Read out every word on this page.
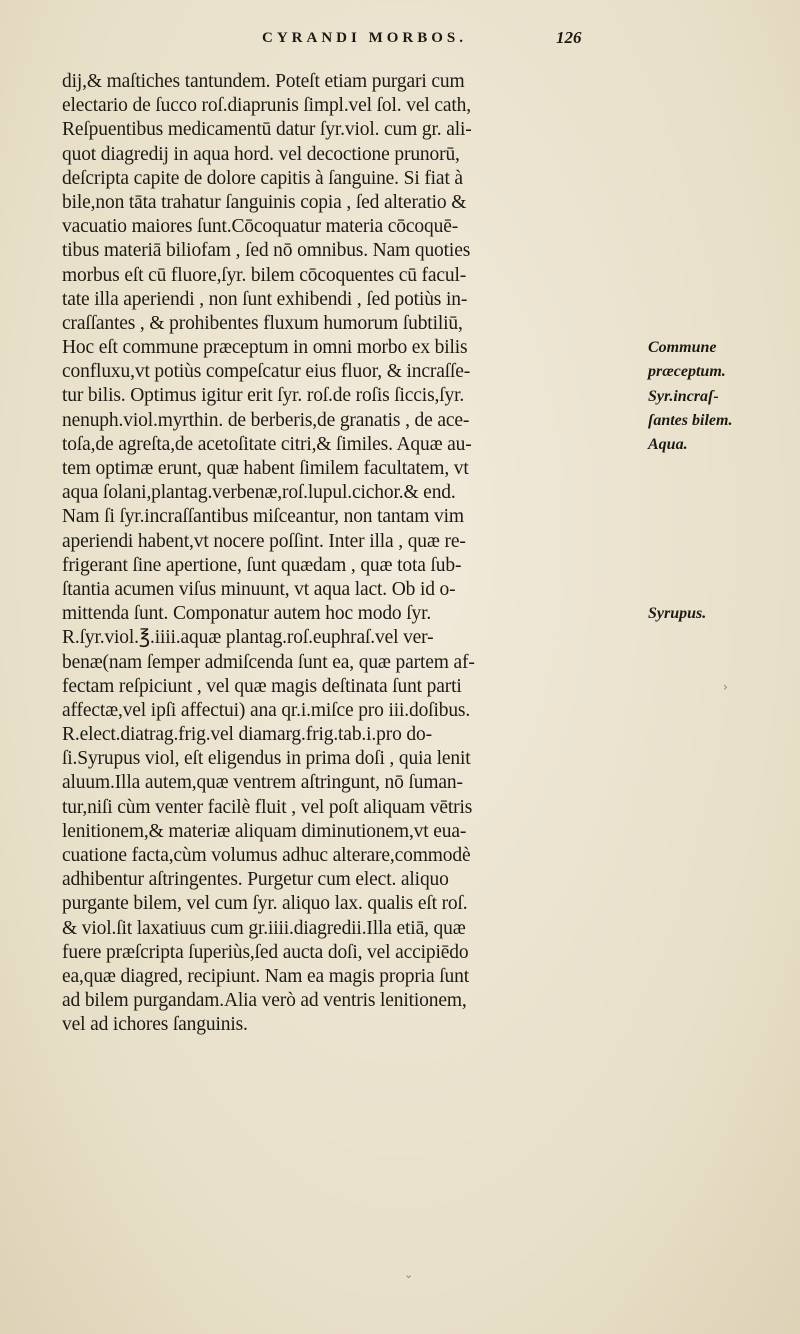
CYRANDI MORBOS.	126
dij,& maſtiches tantundem. Poteſt etiam purgari cum
electario de ſucco roſ.diaprunis ſimpl.vel ſol. vel cath,
Reſpuentibus medicamentū datur ſyr.viol. cum gr. ali-
quot diagredij in aqua hord. vel decoctione prunorū,
deſcripta capite de dolore capitis à ſanguine. Si fiat à
bile,non tāta trahatur ſanguinis copia , ſed alteratio &
vacuatio maiores ſunt.Cōcoquatur materia cōcoquē-
tibus materiā biliofam , ſed nō omnibus. Nam quoties
morbus eſt cū fluore,ſyr. bilem cōcoquentes cū facul-
tate illa aperiendi , non ſunt exhibendi , ſed potiùs in-
craſſantes , & prohibentes fluxum humorum ſubtiliū,
Hoc eſt commune præceptum in omni morbo ex bilis
confluxu,vt potiùs compeſcatur eius fluor, & incraſſe-
tur bilis. Optimus igitur erit ſyr. roſ.de roſis ſiccis,ſyr.
nenuph.viol.myrthin. de berberis,de granatis , de ace-
toſa,de agreſta,de acetoſitate citri,& ſimiles. Aquæ au-
tem optimæ erunt, quæ habent ſimilem facultatem, vt
aqua ſolani,plantag.verbenæ,roſ.lupul.cichor.& end.
Nam ſi ſyr.incraſſantibus miſceantur, non tantam vim
aperiendi habent,vt nocere poſſint. Inter illa , quæ re-
frigerant ſine apertione, ſunt quædam , quæ tota ſub-
ſtantia acumen viſus minuunt, vt aqua lact. Ob id o-
mittenda ſunt. Componatur autem hoc modo ſyr.
R.ſyr.viol.℥.iiii.aquæ plantag.roſ.euphraſ.vel ver-
benæ(nam ſemper admiſcenda ſunt ea, quæ partem af-
fectam reſpiciunt , vel quæ magis deſtinata ſunt parti
affectæ,vel ipſi affectui) ana qr.i.miſce pro iii.doſibus.
R.elect.diatrag.frig.vel diamarg.frig.tab.i.pro do-
ſi.Syrupus viol, eſt eligendus in prima doſi , quia lenit
aluum.Illa autem,quæ ventrem aſtringunt, nō ſuman-
tur,niſi cùm venter facilè fluit , vel poſt aliquam vētris
lenitionem,& materiæ aliquam diminutionem,vt eua-
cuatione facta,cùm volumus adhuc alterare,commodè
adhibentur aſtringentes. Purgetur cum elect. aliquo
purgante bilem, vel cum ſyr. aliquo lax. qualis eſt roſ.
& viol.ſit laxatiuus cum gr.iiii.diagredii.Illa etiā, quæ
fuere præſcripta ſuperiùs,ſed aucta doſi, vel accipiēdo
ea,quæ diagred, recipiunt. Nam ea magis propria ſunt
ad bilem purgandam.Alia verò ad ventris lenitionem,
vel ad ichores ſanguinis.
Commune
præceptum.
Syr.incraſ-
ſantes bilem.
Aqua.
Syrupus.
›
⌄
